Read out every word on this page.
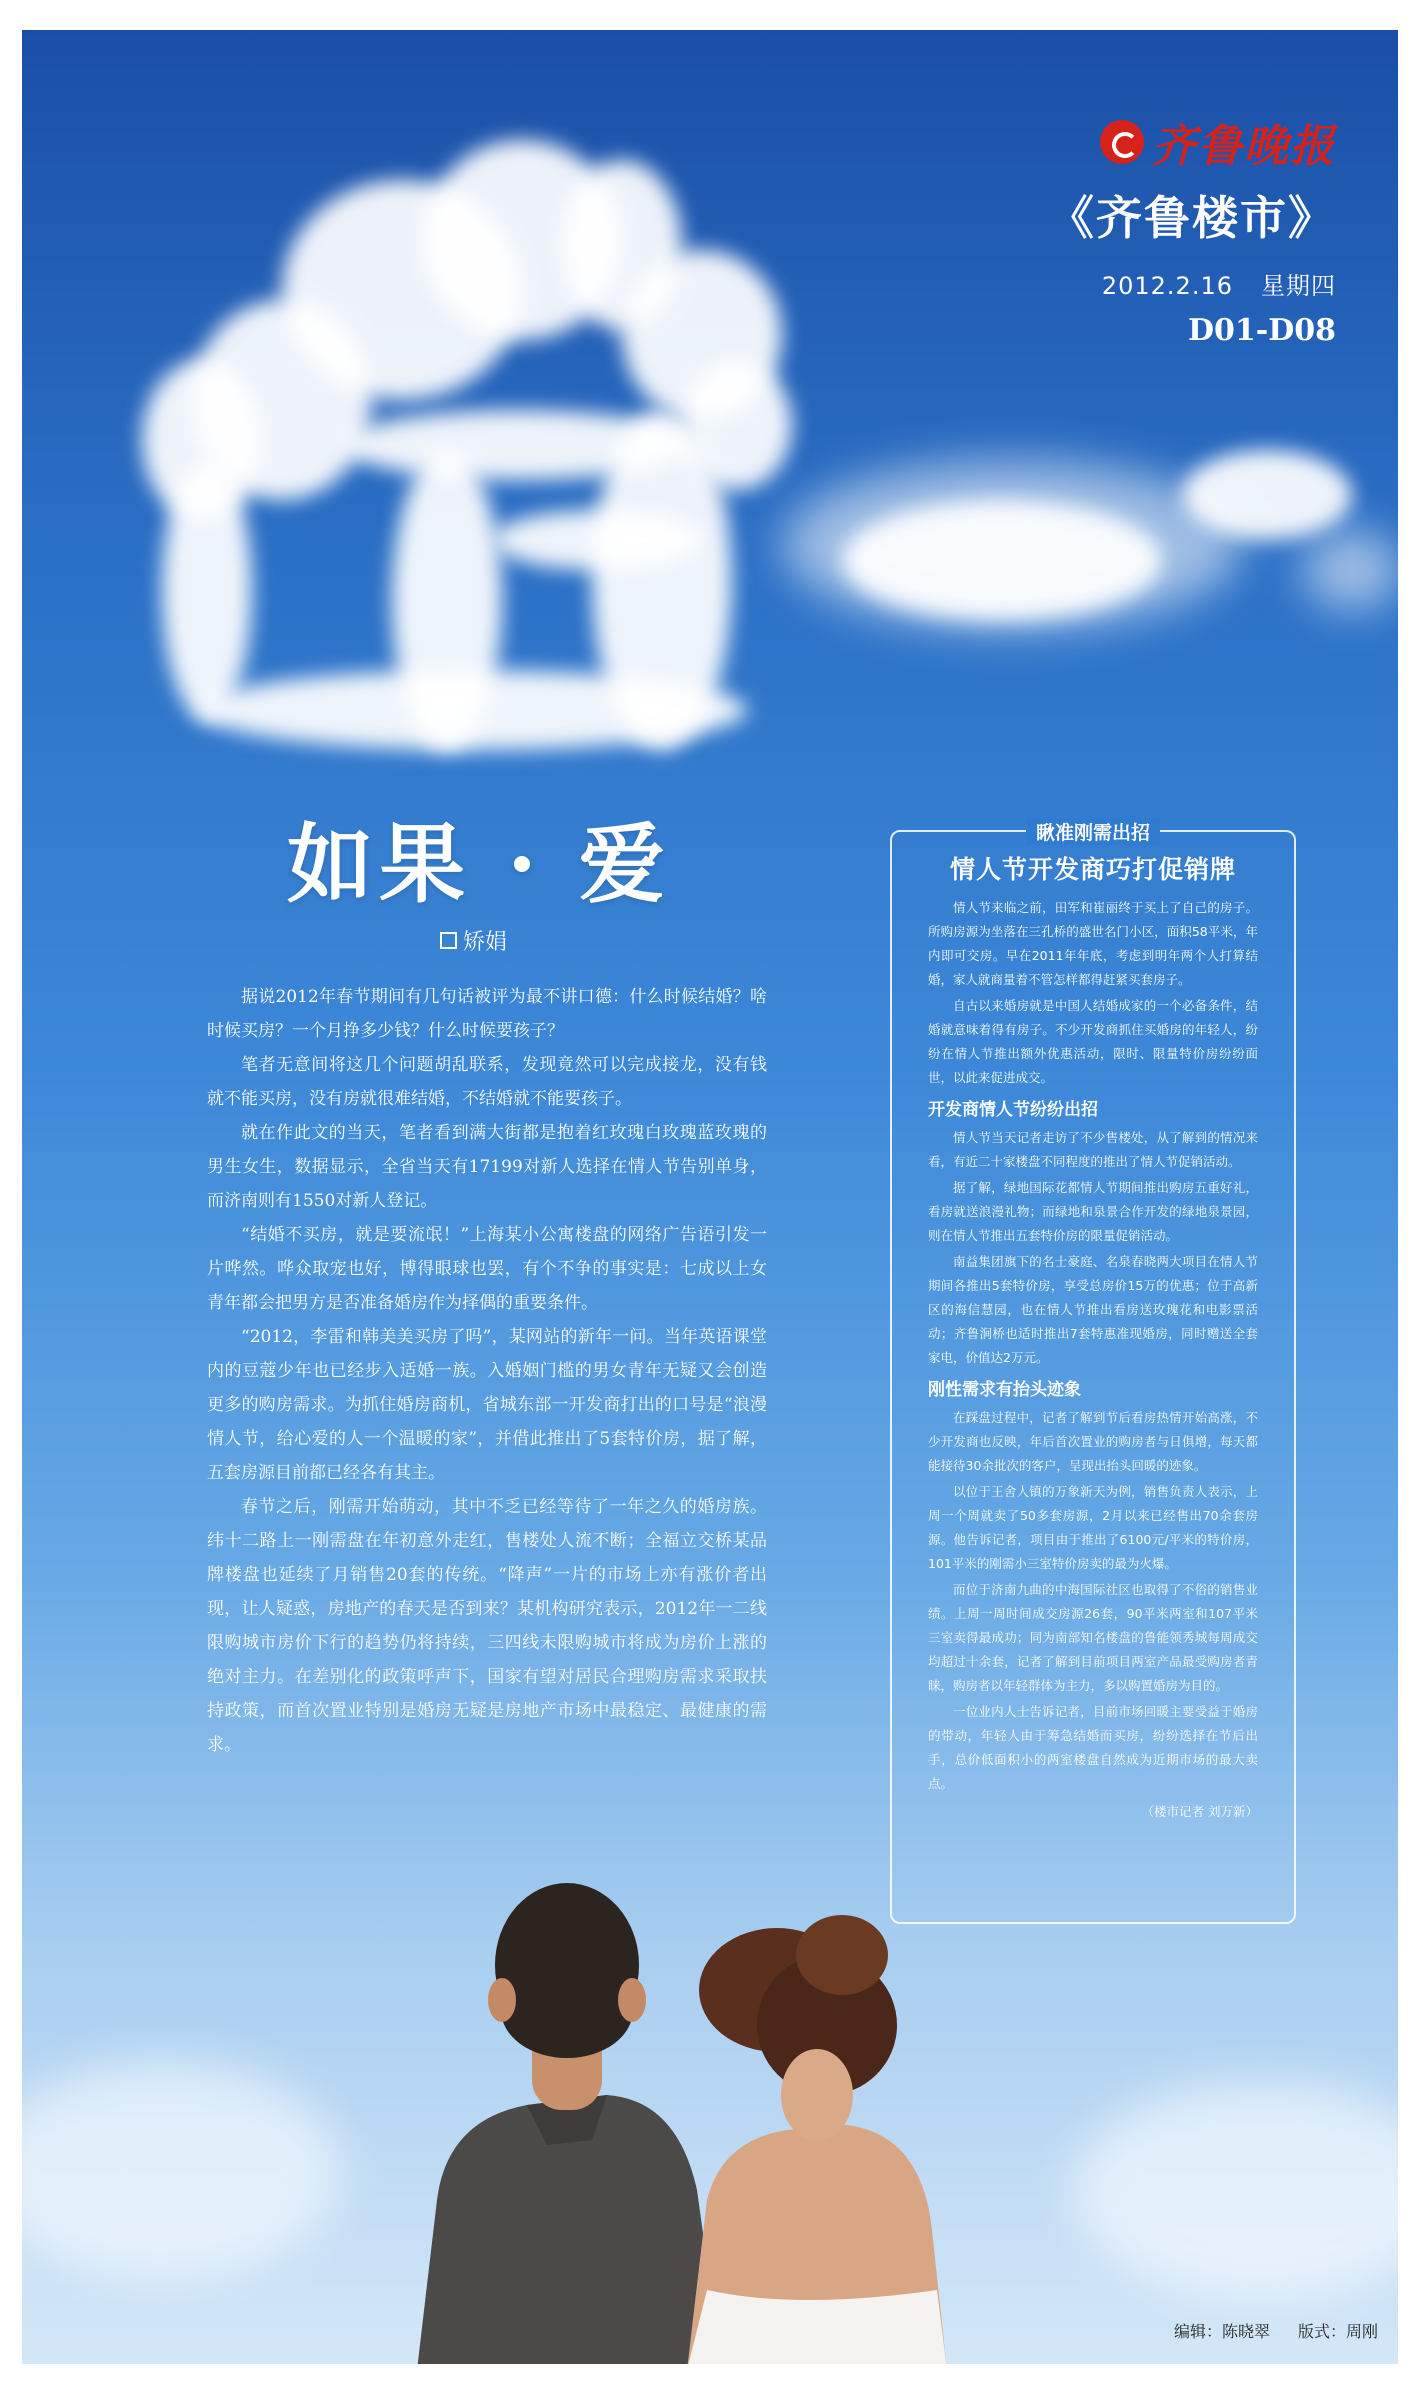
齐鲁晚报
《齐鲁楼市》
2012.2.16 星期四
D01-D08
如果 · 爱
矫娟

据说2012年春节期间有几句话被评为最不讲口德：什么时候结婚？啥时候买房？一个月挣多少钱？什么时候要孩子？

笔者无意间将这几个问题胡乱联系，发现竟然可以完成接龙，没有钱就不能买房，没有房就很难结婚，不结婚就不能要孩子。

就在作此文的当天，笔者看到满大街都是抱着红玫瑰白玫瑰蓝玫瑰的男生女生，数据显示，全省当天有17199对新人选择在情人节告别单身，而济南则有1550对新人登记。

“结婚不买房，就是要流氓！”上海某小公寓楼盘的网络广告语引发一片哗然。哗众取宠也好，博得眼球也罢，有个不争的事实是：七成以上女青年都会把男方是否准备婚房作为择偶的重要条件。

“2012，李雷和韩美美买房了吗”，某网站的新年一问。当年英语课堂内的豆蔻少年也已经步入适婚一族。入婚姻门槛的男女青年无疑又会创造更多的购房需求。为抓住婚房商机，省城东部一开发商打出的口号是“浪漫情人节，给心爱的人一个温暖的家”，并借此推出了5套特价房，据了解，五套房源目前都已经各有其主。

春节之后，刚需开始萌动，其中不乏已经等待了一年之久的婚房族。纬十二路上一刚需盘在年初意外走红，售楼处人流不断；全福立交桥某品牌楼盘也延续了月销售20套的传统。“降声”一片的市场上亦有涨价者出现，让人疑惑，房地产的春天是否到来？某机构研究表示，2012年一二线限购城市房价下行的趋势仍将持续，三四线未限购城市将成为房价上涨的绝对主力。在差别化的政策呼声下，国家有望对居民合理购房需求采取扶持政策，而首次置业特别是婚房无疑是房地产市场中最稳定、最健康的需求。

瞅准刚需出招
情人节开发商巧打促销牌

情人节来临之前，田军和崔丽终于买上了自己的房子。所购房源为坐落在三孔桥的盛世名门小区，面积58平米，年内即可交房。早在2011年年底，考虑到明年两个人打算结婚，家人就商量着不管怎样都得赶紧买套房子。

自古以来婚房就是中国人结婚成家的一个必备条件，结婚就意味着得有房子。不少开发商抓住买婚房的年轻人，纷纷在情人节推出额外优惠活动，限时、限量特价房纷纷面世，以此来促进成交。

开发商情人节纷纷出招

情人节当天记者走访了不少售楼处，从了解到的情况来看，有近二十家楼盘不同程度的推出了情人节促销活动。

据了解，绿地国际花都情人节期间推出购房五重好礼，看房就送浪漫礼物；而绿地和泉景合作开发的绿地泉景园，则在情人节推出五套特价房的限量促销活动。

南益集团旗下的名士豪庭、名泉春晓两大项目在情人节期间各推出5套特价房，享受总房价15万的优惠；位于高新区的海信慧园，也在情人节推出看房送玫瑰花和电影票活动；齐鲁涧桥也适时推出7套特惠准现婚房，同时赠送全套家电，价值达2万元。

刚性需求有抬头迹象

在踩盘过程中，记者了解到节后看房热情开始高涨，不少开发商也反映，年后首次置业的购房者与日俱增，每天都能接待30余批次的客户，呈现出抬头回暖的迹象。

以位于王舍人镇的万象新天为例，销售负责人表示，上周一个周就卖了50多套房源，2月以来已经售出70余套房源。他告诉记者，项目由于推出了6100元/平米的特价房，101平米的刚需小三室特价房卖的最为火爆。

而位于济南九曲的中海国际社区也取得了不俗的销售业绩。上周一周时间成交房源26套，90平米两室和107平米三室卖得最成功；同为南部知名楼盘的鲁能领秀城每周成交均超过十余套，记者了解到目前项目两室产品最受购房者青睐，购房者以年轻群体为主力，多以购置婚房为目的。

一位业内人士告诉记者，目前市场回暖主要受益于婚房的带动，年轻人由于筹急结婚而买房，纷纷选择在节后出手，总价低面积小的两室楼盘自然成为近期市场的最大卖点。

（楼市记者 刘万新）
编辑：陈晓翠 版式：周刚
